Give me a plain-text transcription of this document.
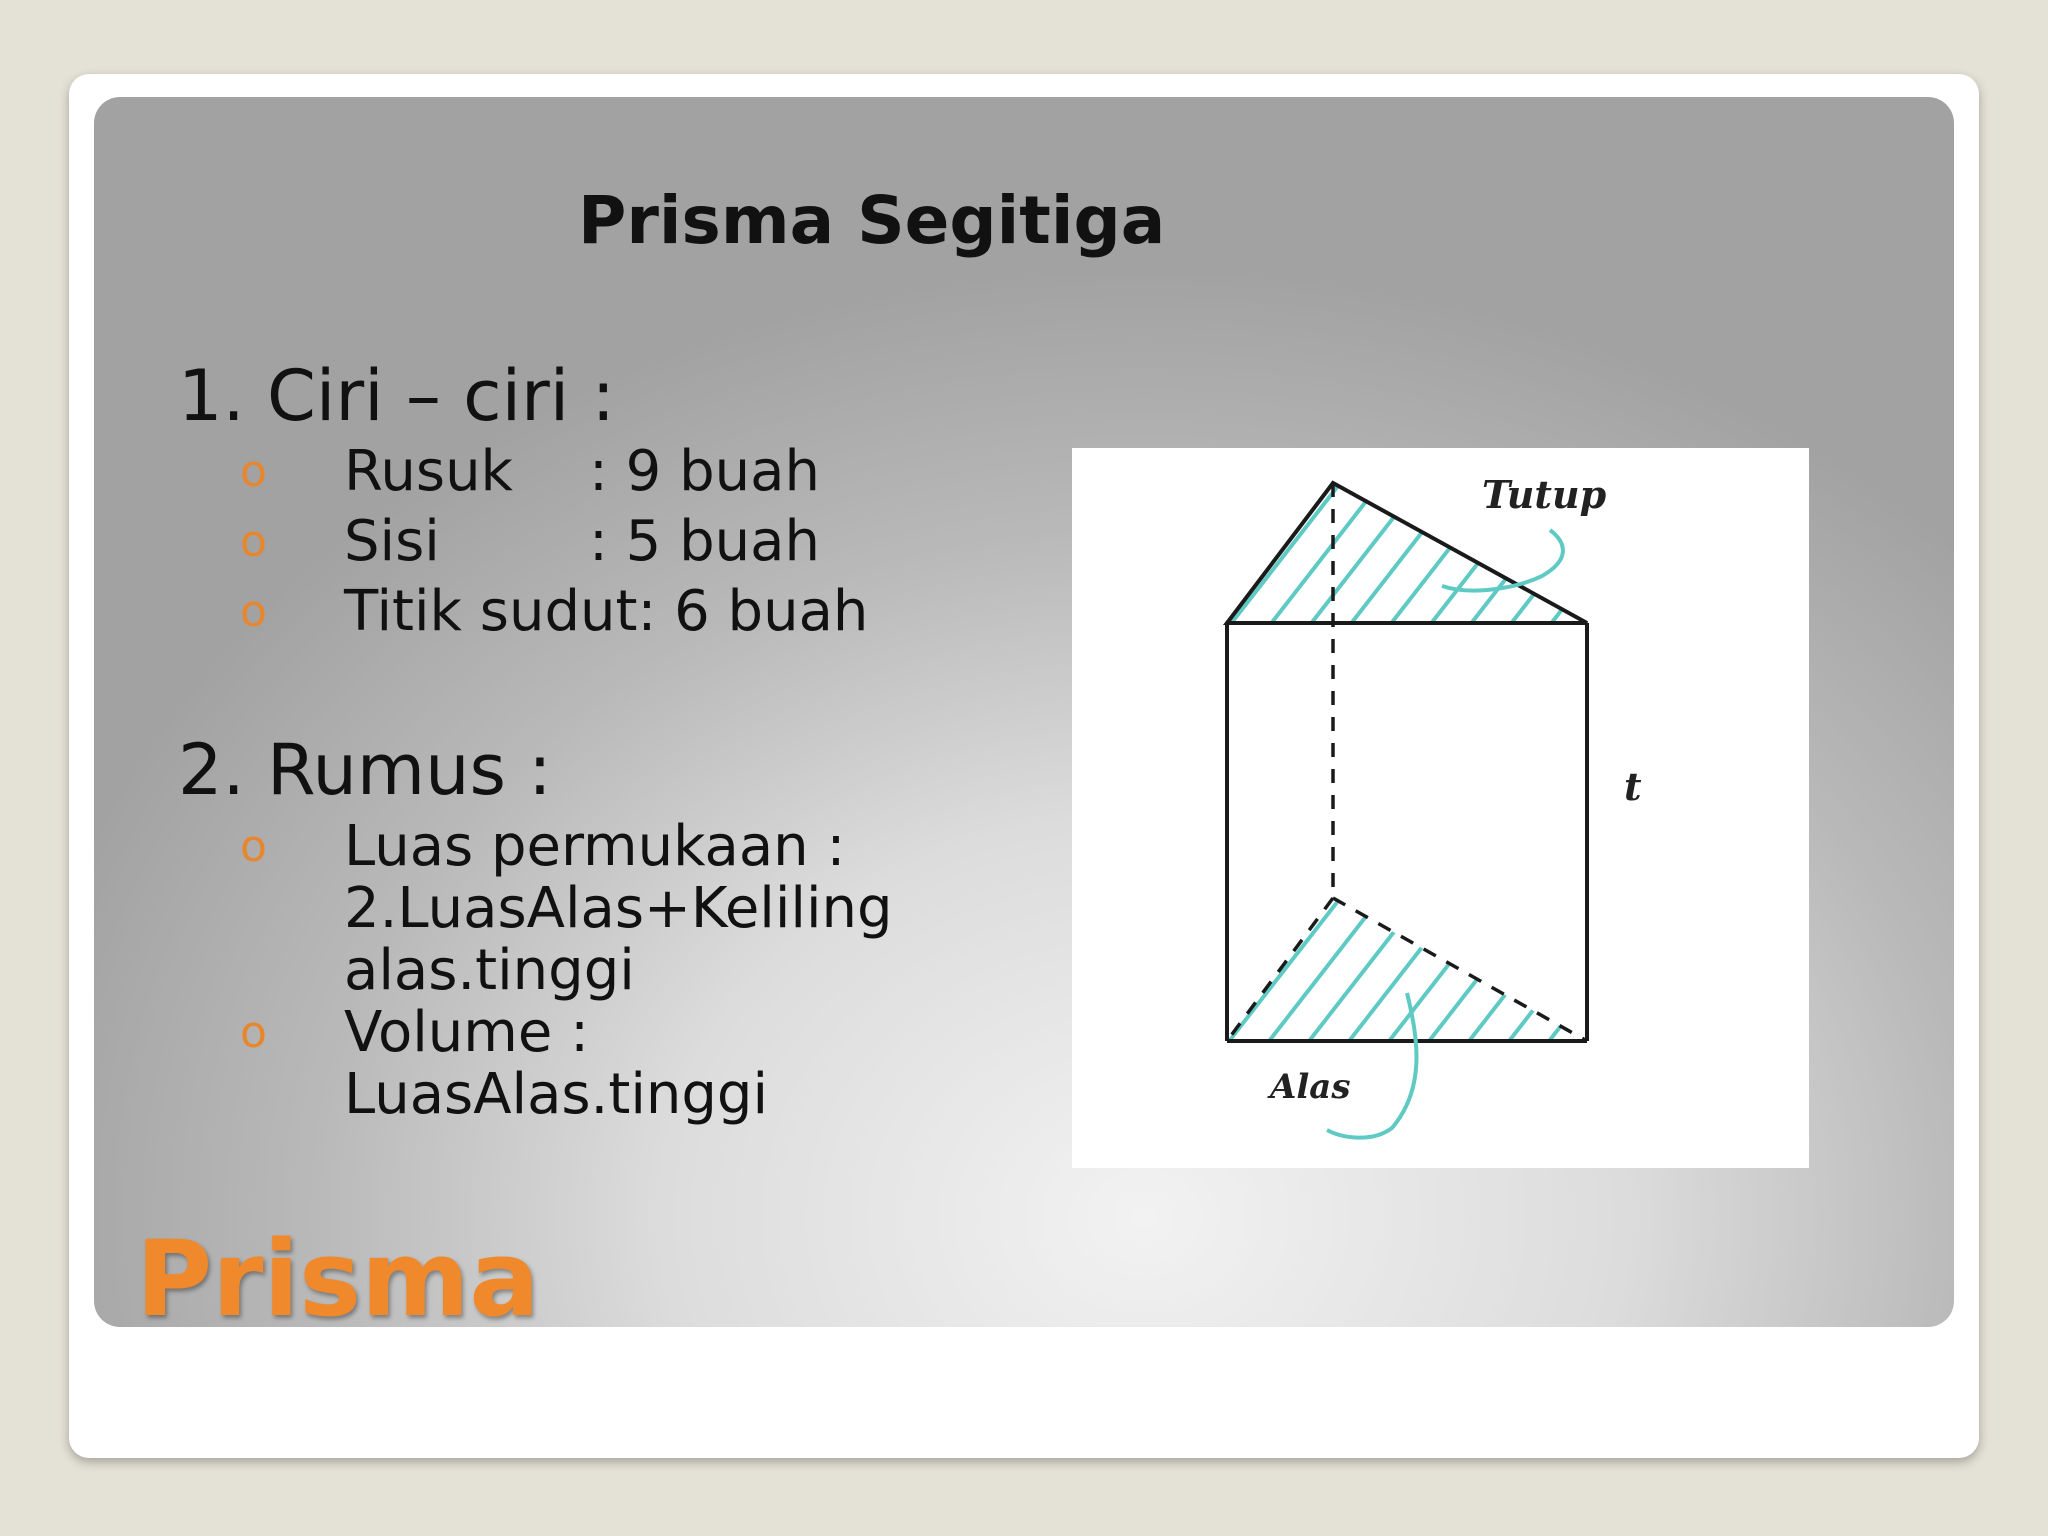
Prisma Segitiga
1. Ciri – ciri :
o Rusuk : 9 buah
o Sisi	: 5 buah
o Titik sudut: 6 buah
2. Rumus :
o Luas permukaan :
2.LuasAlas+Keliling
alas.tinggi
o Volume :
LuasAlas.tinggi
Tutup
t
Alas
Prisma
